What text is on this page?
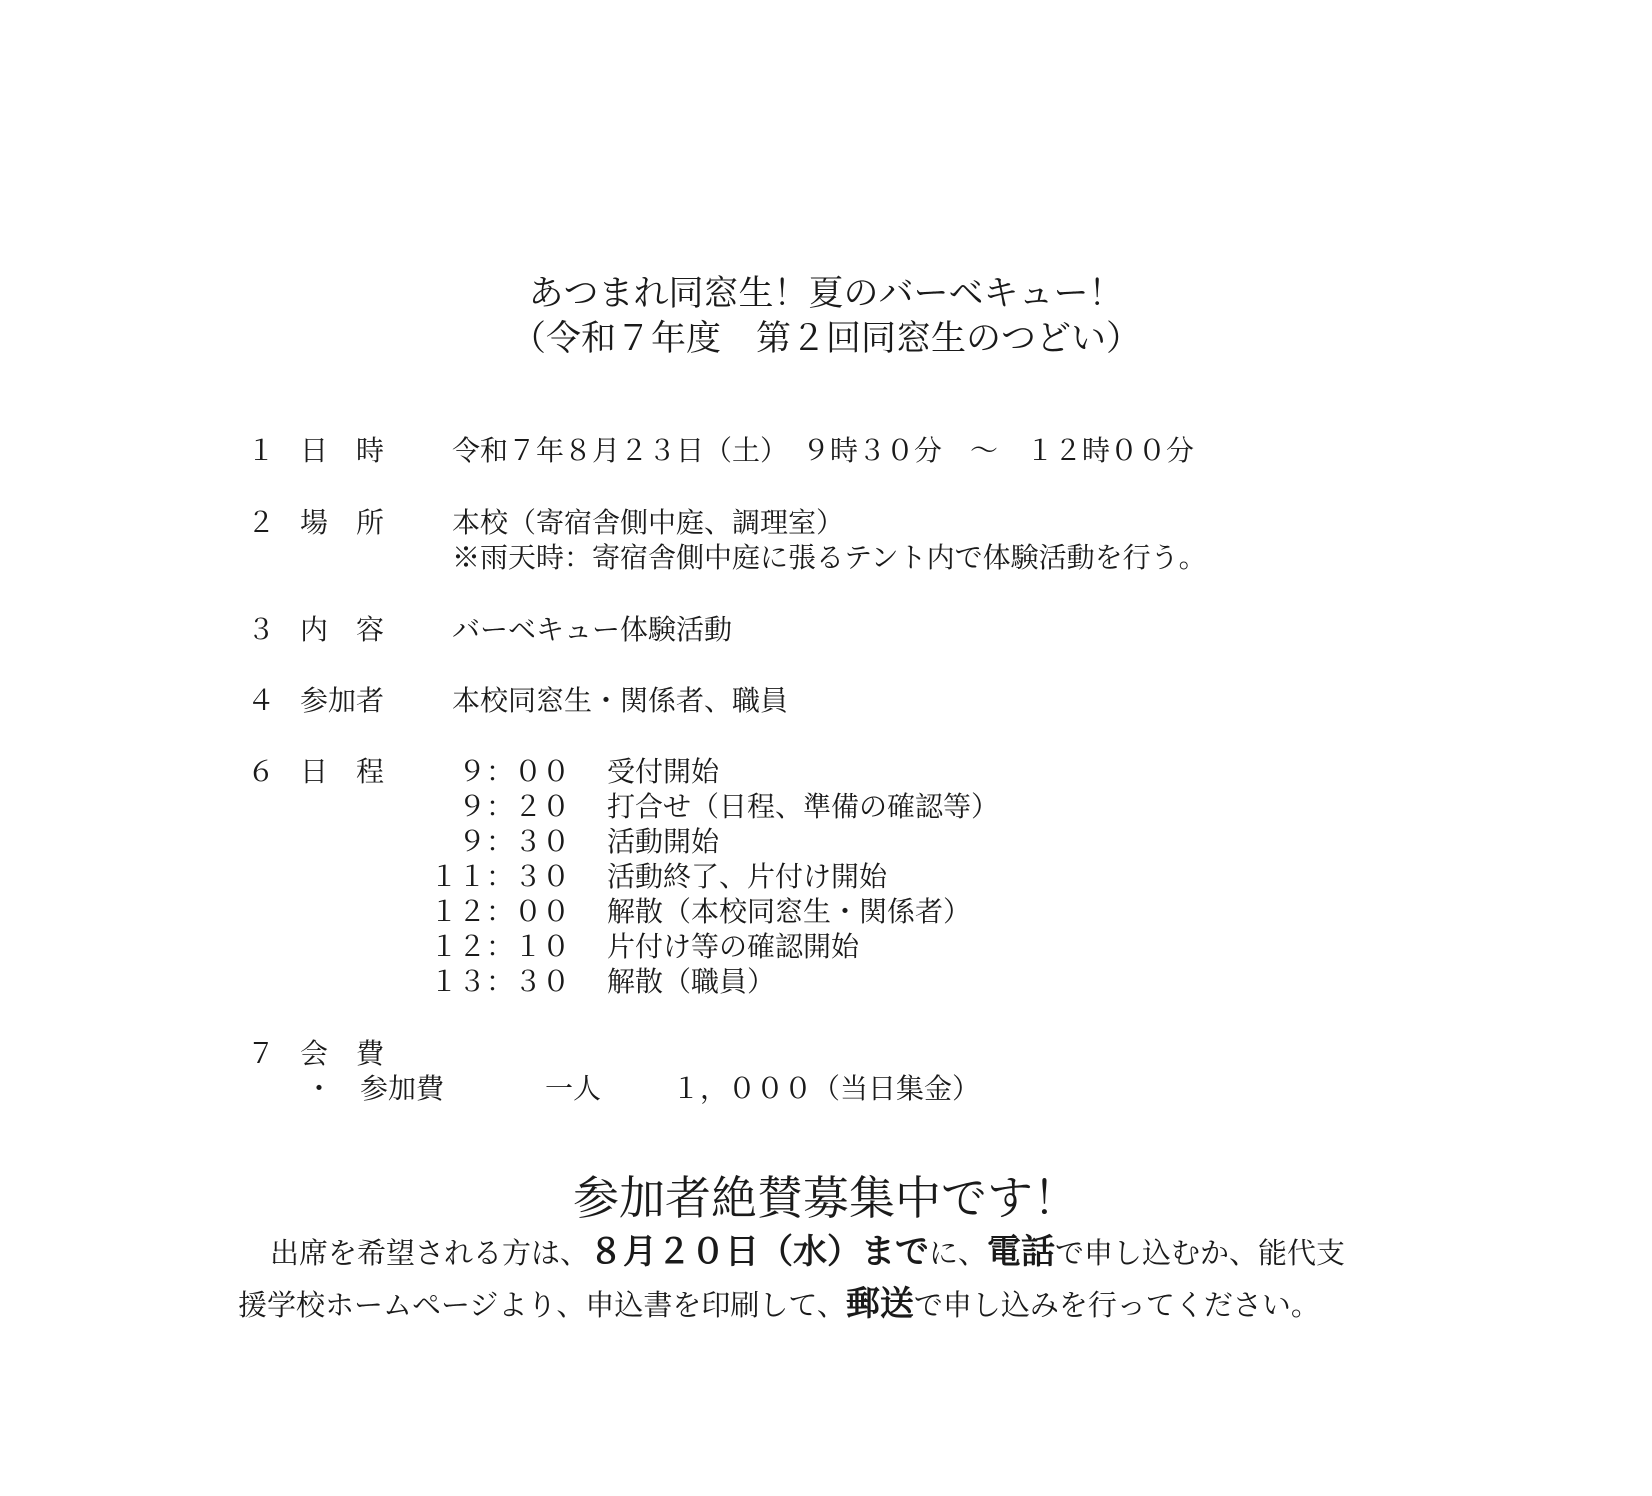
あつまれ同窓生！夏のバーベキュー！
（令和７年度　第２回同窓生のつどい）
１ 日　時 令和７年８月２３日（土）　９時３０分　～　１２時００分
２ 場　所 本校（寄宿舎側中庭、調理室）
※雨天時：寄宿舎側中庭に張るテント内で体験活動を行う。
３ 内　容 バーベキュー体験活動
４ 参加者 本校同窓生・関係者、職員
６ 日　程	９：００ 受付開始
９：２０ 打合せ（日程、準備の確認等）
９：３０ 活動開始
１１：３０ 活動終了、片付け開始
１２：００ 解散（本校同窓生・関係者）
１２：１０ 片付け等の確認開始
１３：３０ 解散（職員）
７ 会　費
・ 参加費	一人	１，０００（当日集金）
参加者絶賛募集中です！
出席を希望される方は、８月２０日（水）までに、電話で申し込むか、能代支
援学校ホームページより、申込書を印刷して、郵送で申し込みを行ってください。
